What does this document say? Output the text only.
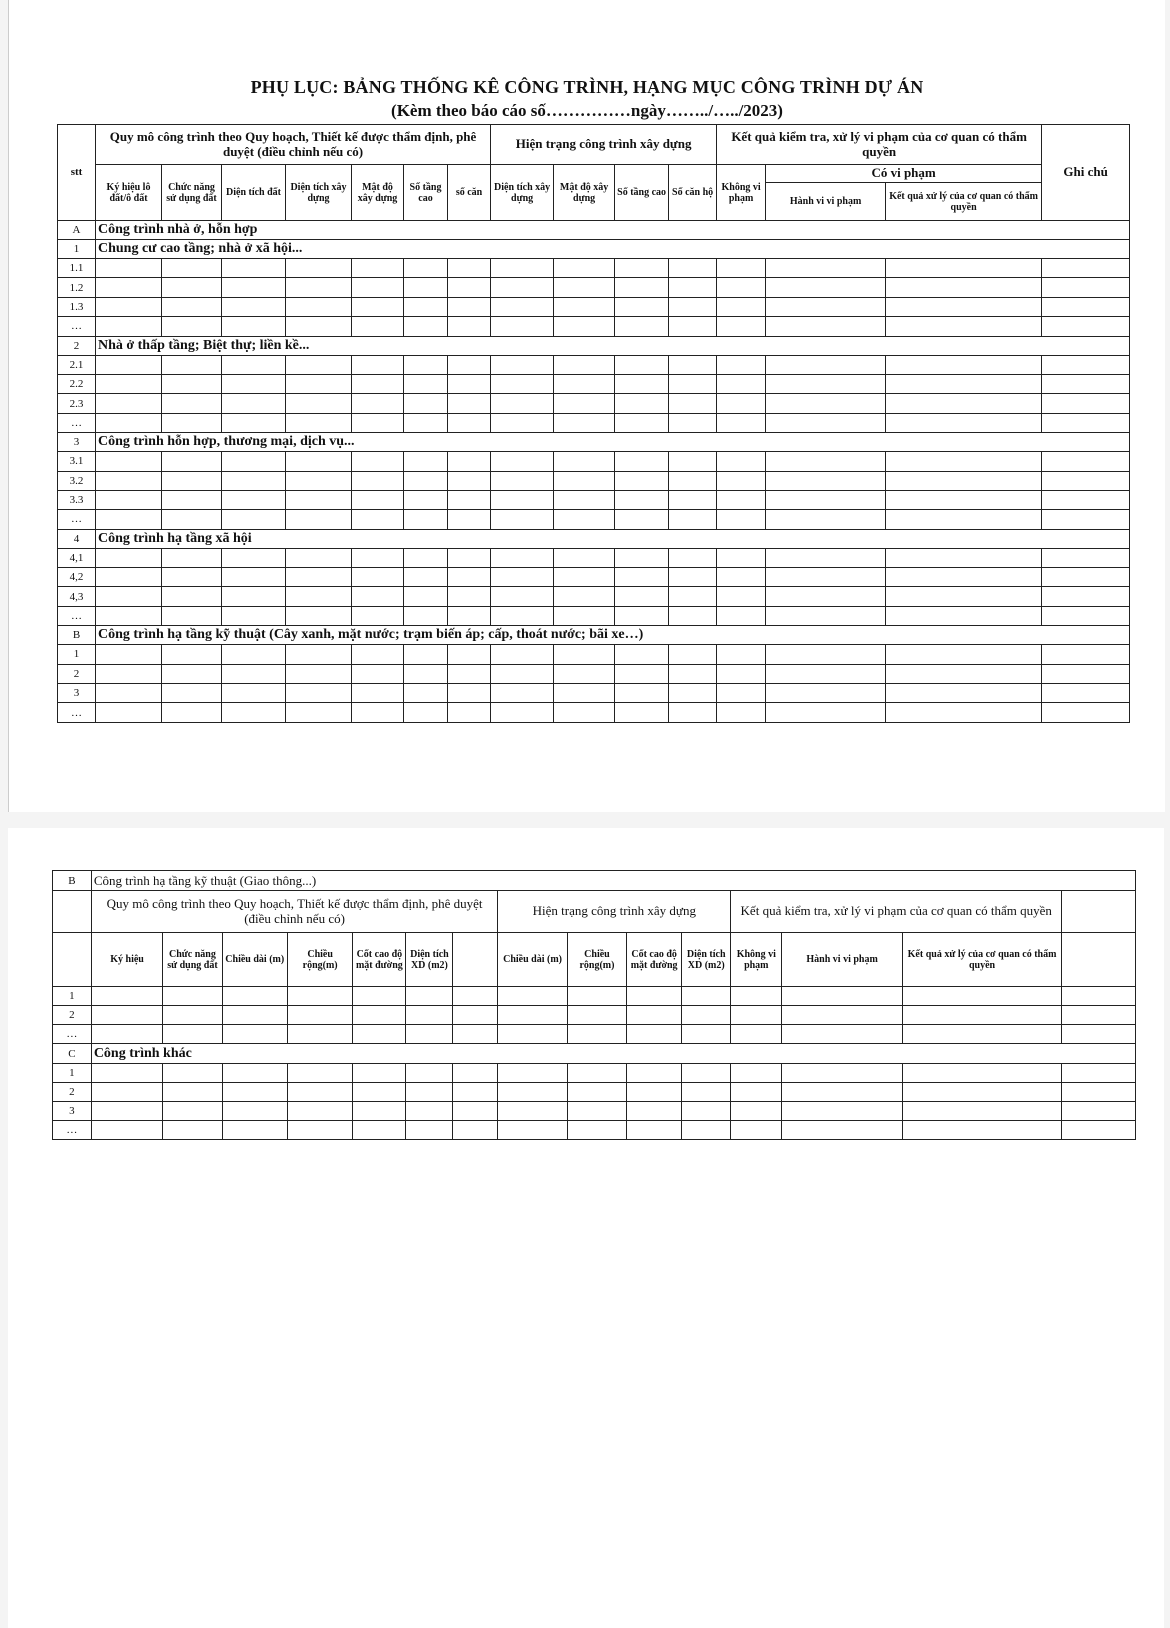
PHỤ LỤC: BẢNG THỐNG KÊ CÔNG TRÌNH, HẠNG MỤC CÔNG TRÌNH DỰ ÁN
(Kèm theo báo cáo số……………ngày……../…../2023)
stt	Quy mô công trình theo Quy hoạch, Thiết kế được thẩm định, phê duyệt (điều chỉnh nếu có)							Hiện trạng công trình xây dựng				Kết quả kiểm tra, xử lý vi phạm của cơ quan có thẩm quyền			Ghi chú
	Ký hiệu lô đất/ô đất	Chức năng sử dụng đất	Diện tích đất	Diện tích xây dựng	Mật độ xây dựng	Số tầng cao	số căn	Diện tích xây dựng	Mật độ xây dựng	Số tầng cao	Số căn hộ	Không vi phạm	Có vi phạm		
													Hành vi vi phạm	Kết quả xử lý của cơ quan có thẩm quyền	
A	Công trình nhà ở, hỗn hợp														
1	Chung cư cao tầng; nhà ở xã hội...														
1.1															
1.2															
1.3															
…															
2	Nhà ở thấp tầng; Biệt thự; liền kề...														
2.1															
2.2															
2.3															
…															
3	Công trình hỗn hợp, thương mại, dịch vụ...														
3.1															
3.2															
3.3															
…															
4	Công trình hạ tầng xã hội														
4,1															
4,2															
4,3															
…															
B	Công trình hạ tầng kỹ thuật (Cây xanh, mặt nước; trạm biến áp; cấp, thoát nước; bãi xe…)														
1															
2															
3															
…															
B	Công trình hạ tầng kỹ thuật (Giao thông...)														
	Quy mô công trình theo Quy hoạch, Thiết kế được thẩm định, phê duyệt (điều chỉnh nếu có)							Hiện trạng công trình xây dựng				Kết quả kiểm tra, xử lý vi phạm của cơ quan có thẩm quyền			
	Ký hiệu	Chức năng sử dụng đất	Chiều dài (m)	Chiều rộng(m)	Cốt cao độ mặt đường	Diện tích XD (m2)		Chiều dài (m)	Chiều rộng(m)	Cốt cao độ mặt đường	Diện tích XD (m2)	Không vi phạm	Hành vi vi phạm	Kết quả xử lý của cơ quan có thẩm quyền	
1															
2															
…															
C	Công trình khác														
1															
2															
3															
…															
